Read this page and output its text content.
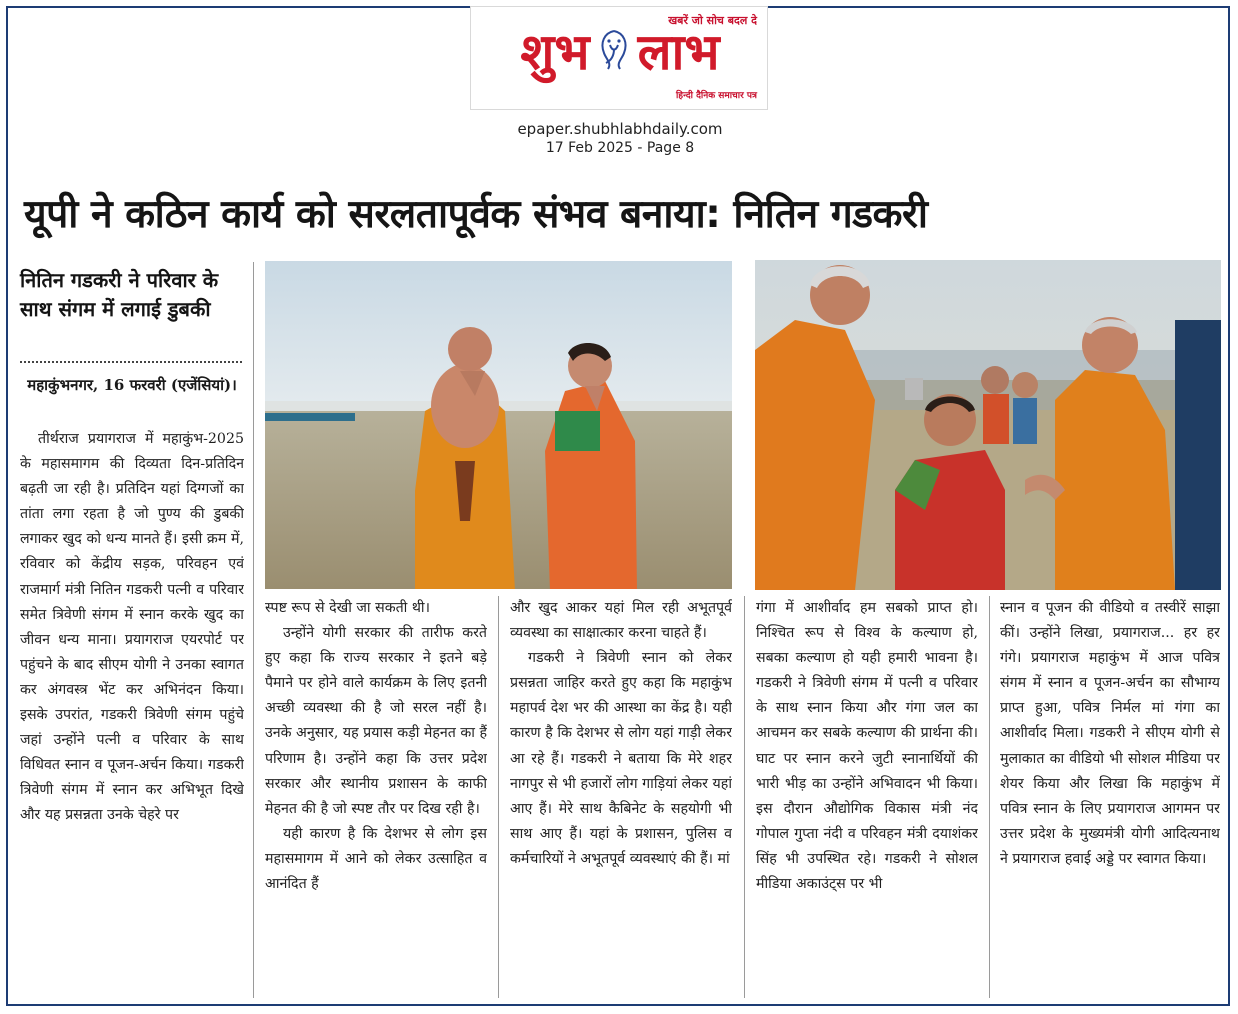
खबरें जो सोच बदल दे
शुभ लाभ
हिन्दी दैनिक समाचार पत्र
epaper.shubhlabhdaily.com
17 Feb 2025 - Page 8
यूपी ने कठिन कार्य को सरलतापूर्वक संभव बनाया: नितिन गडकरी
नितिन गडकरी ने परिवार के साथ संगम में लगाई डुबकी
महाकुंभनगर, 16 फरवरी (एजेंसियां)।

तीर्थराज प्रयागराज में महाकुंभ-2025 के महासमागम की दिव्यता दिन-प्रतिदिन बढ़ती जा रही है। प्रतिदिन यहां दिग्गजों का तांता लगा रहता है जो पुण्य की डुबकी लगाकर खुद को धन्य मानते हैं। इसी क्रम में, रविवार को केंद्रीय सड़क, परिवहन एवं राजमार्ग मंत्री नितिन गडकरी पत्नी व परिवार समेत त्रिवेणी संगम में स्नान करके खुद का जीवन धन्य माना। प्रयागराज एयरपोर्ट पर पहुंचने के बाद सीएम योगी ने उनका स्वागत कर अंगवस्त्र भेंट कर अभिनंदन किया। इसके उपरांत, गडकरी त्रिवेणी संगम पहुंचे जहां उन्होंने पत्नी व परिवार के साथ विधिवत स्नान व पूजन-अर्चन किया। गडकरी त्रिवेणी संगम में स्नान कर अभिभूत दिखे और यह प्रसन्नता उनके चेहरे पर

स्पष्ट रूप से देखी जा सकती थी।

उन्होंने योगी सरकार की तारीफ करते हुए कहा कि राज्य सरकार ने इतने बड़े पैमाने पर होने वाले कार्यक्रम के लिए इतनी अच्छी व्यवस्था की है जो सरल नहीं है। उनके अनुसार, यह प्रयास कड़ी मेहनत का हैं परिणाम है। उन्होंने कहा कि उत्तर प्रदेश सरकार और स्थानीय प्रशासन के काफी मेहनत की है जो स्पष्ट तौर पर दिख रही है।

यही कारण है कि देशभर से लोग इस महासमागम में आने को लेकर उत्साहित व आनंदित हैं

और खुद आकर यहां मिल रही अभूतपूर्व व्यवस्था का साक्षात्कार करना चाहते हैं।

गडकरी ने त्रिवेणी स्नान को लेकर प्रसन्नता जाहिर करते हुए कहा कि महाकुंभ महापर्व देश भर की आस्था का केंद्र है। यही कारण है कि देशभर से लोग यहां गाड़ी लेकर आ रहे हैं। गडकरी ने बताया कि मेरे शहर नागपुर से भी हजारों लोग गाड़ियां लेकर यहां आए हैं। मेरे साथ कैबिनेट के सहयोगी भी साथ आए हैं। यहां के प्रशासन, पुलिस व कर्मचारियों ने अभूतपूर्व व्यवस्थाएं की हैं। मां

गंगा में आशीर्वाद हम सबको प्राप्त हो। निश्चित रूप से विश्व के कल्याण हो, सबका कल्याण हो यही हमारी भावना है। गडकरी ने त्रिवेणी संगम में पत्नी व परिवार के साथ स्नान किया और गंगा जल का आचमन कर सबके कल्याण की प्रार्थना की। घाट पर स्नान करने जुटी स्नानार्थियों की भारी भीड़ का उन्होंने अभिवादन भी किया। इस दौरान औद्योगिक विकास मंत्री नंद गोपाल गुप्ता नंदी व परिवहन मंत्री दयाशंकर सिंह भी उपस्थित रहे। गडकरी ने सोशल मीडिया अकाउंट्स पर भी

स्नान व पूजन की वीडियो व तस्वीरें साझा कीं। उन्होंने लिखा, प्रयागराज... हर हर गंगे। प्रयागराज महाकुंभ में आज पवित्र संगम में स्नान व पूजन-अर्चन का सौभाग्य प्राप्त हुआ, पवित्र निर्मल मां गंगा का आशीर्वाद मिला। गडकरी ने सीएम योगी से मुलाकात का वीडियो भी सोशल मीडिया पर शेयर किया और लिखा कि महाकुंभ में पवित्र स्नान के लिए प्रयागराज आगमन पर उत्तर प्रदेश के मुख्यमंत्री योगी आदित्यनाथ ने प्रयागराज हवाई अड्डे पर स्वागत किया।
